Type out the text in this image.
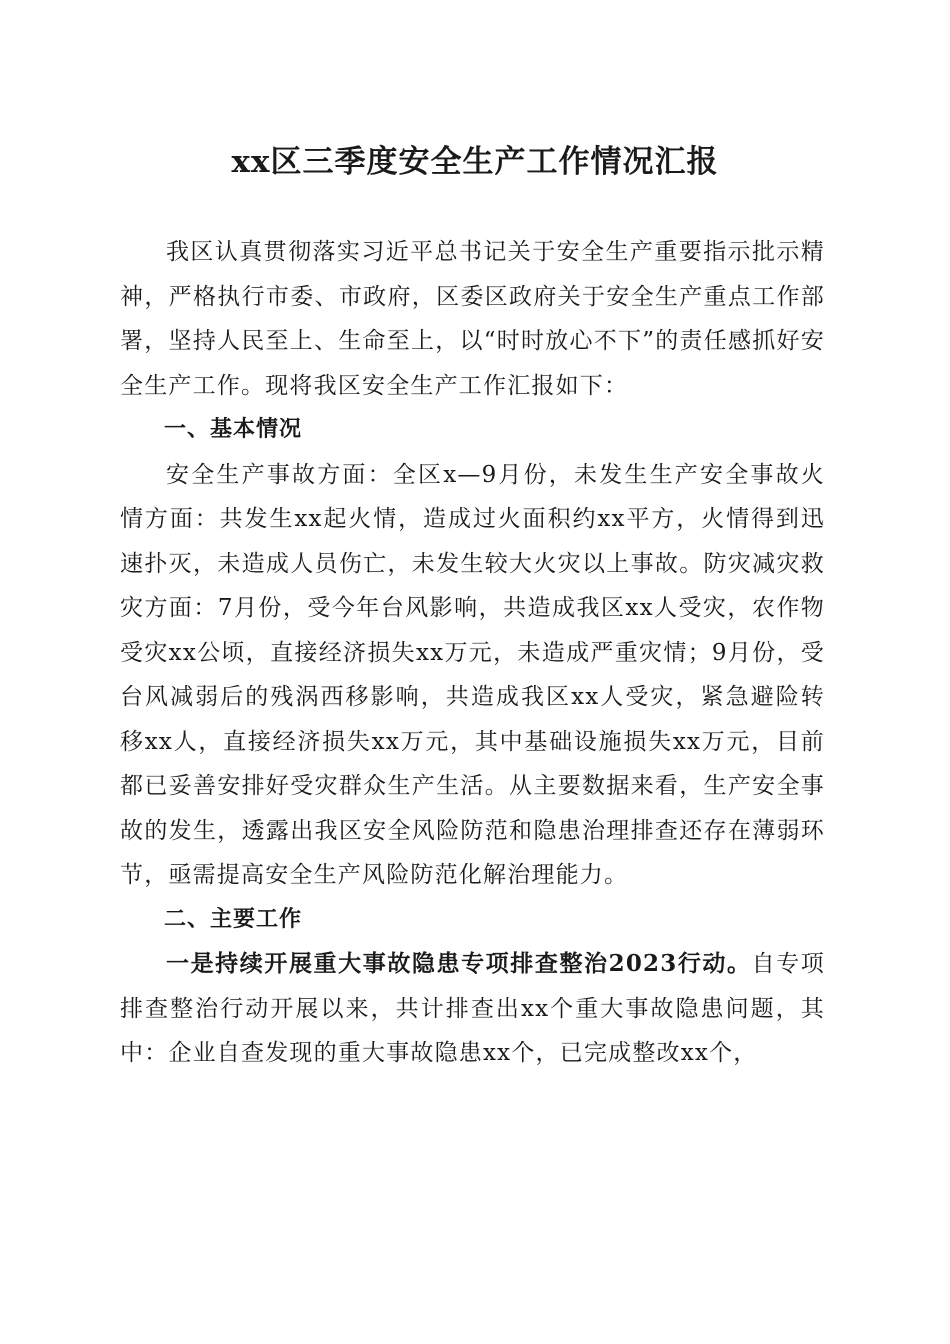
xx区三季度安全生产工作情况汇报

我区认真贯彻落实习近平总书记关于安全生产重要指示批示精神，严格执行市委、市政府，区委区政府关于安全生产重点工作部署，坚持人民至上、生命至上，以“时时放心不下”的责任感抓好安全生产工作。现将我区安全生产工作汇报如下：

一、基本情况

安全生产事故方面：全区x—9月份，未发生生产安全事故火情方面：共发生xx起火情，造成过火面积约xx平方，火情得到迅速扑灭，未造成人员伤亡，未发生较大火灾以上事故。防灾减灾救灾方面：7月份，受今年台风影响，共造成我区xx人受灾，农作物受灾xx公顷，直接经济损失xx万元，未造成严重灾情；9月份，受台风减弱后的残涡西移影响，共造成我区xx人受灾，紧急避险转移xx人，直接经济损失xx万元，其中基础设施损失xx万元，目前都已妥善安排好受灾群众生产生活。从主要数据来看，生产安全事故的发生，透露出我区安全风险防范和隐患治理排查还存在薄弱环节，亟需提高安全生产风险防范化解治理能力。

二、主要工作

一是持续开展重大事故隐患专项排查整治2023行动。自专项排查整治行动开展以来，共计排查出xx个重大事故隐患问题，其中：企业自查发现的重大事故隐患xx个，已完成整改xx个，
